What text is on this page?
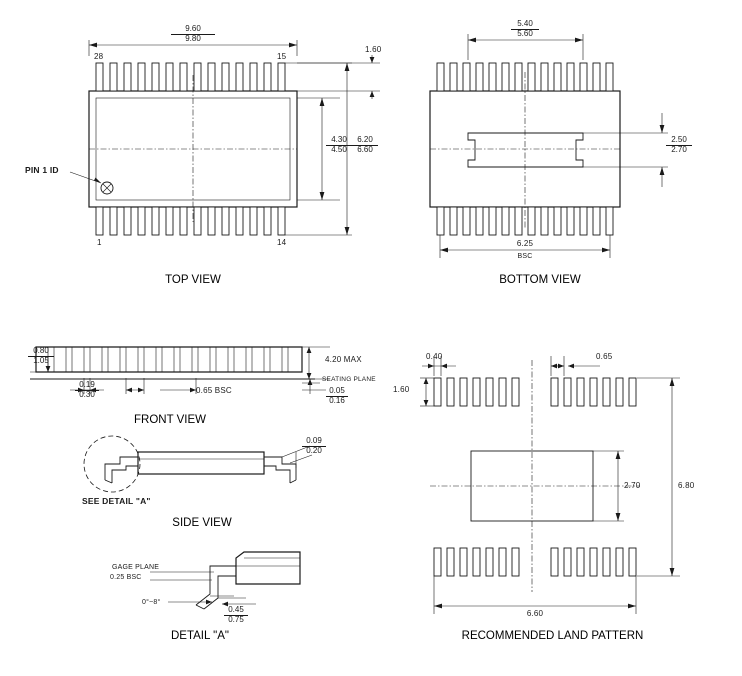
9.60
9.80
28	15
1	14
PIN 1 ID
4.30
4.50
6.20
6.60
1.60
TOP VIEW
5.40
5.60
2.50
2.70
6.25
BSC
BOTTOM VIEW
0.80
1.05	4.20 MAX
SEATING PLANE
0.05
0.16
0.19
0.30	0.65 BSC
FRONT VIEW
0.09
0.20
SEE DETAIL "A"
SIDE VIEW
GAGE PLANE
0.25 BSC
0°~8°
0.45
0.75
DETAIL "A"
0.40	0.65
1.60
2.70	6.80
6.60
RECOMMENDED LAND PATTERN
